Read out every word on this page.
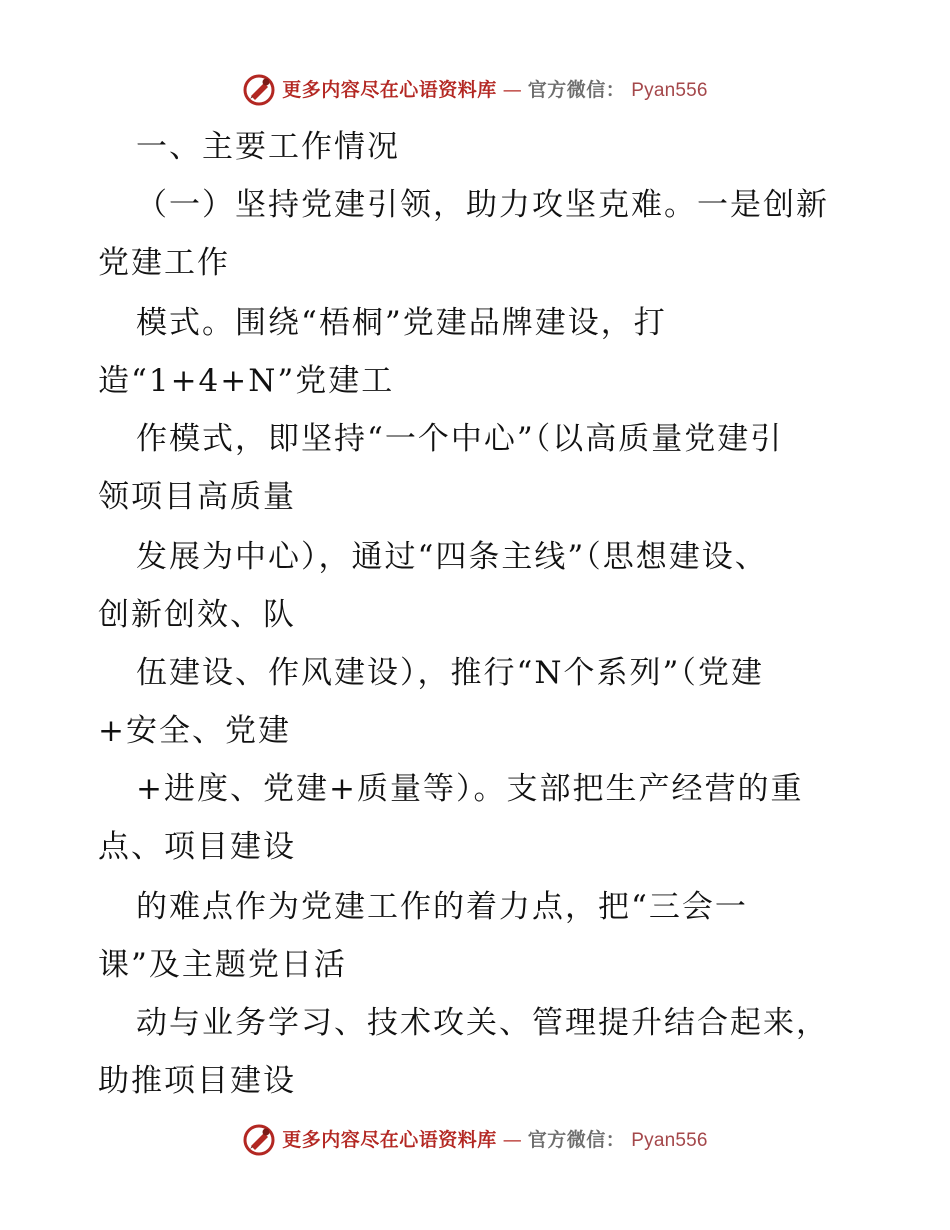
更多内容尽在心语资料库 — 官方微信： Pyan556
一、主要工作情况
（一）坚持党建引领，助力攻坚克难。一是创新
党建工作
模式。围绕“梧桐”党建品牌建设，打
造“1+4+N”党建工
作模式，即坚持“一个中心”（以高质量党建引
领项目高质量
发展为中心），通过“四条主线”（思想建设、
创新创效、队
伍建设、作风建设），推行“N个系列”（党建
+安全、党建
+进度、党建+质量等）。支部把生产经营的重
点、项目建设
的难点作为党建工作的着力点，把“三会一
课”及主题党日活
动与业务学习、技术攻关、管理提升结合起来，
助推项目建设
更多内容尽在心语资料库 — 官方微信： Pyan556
